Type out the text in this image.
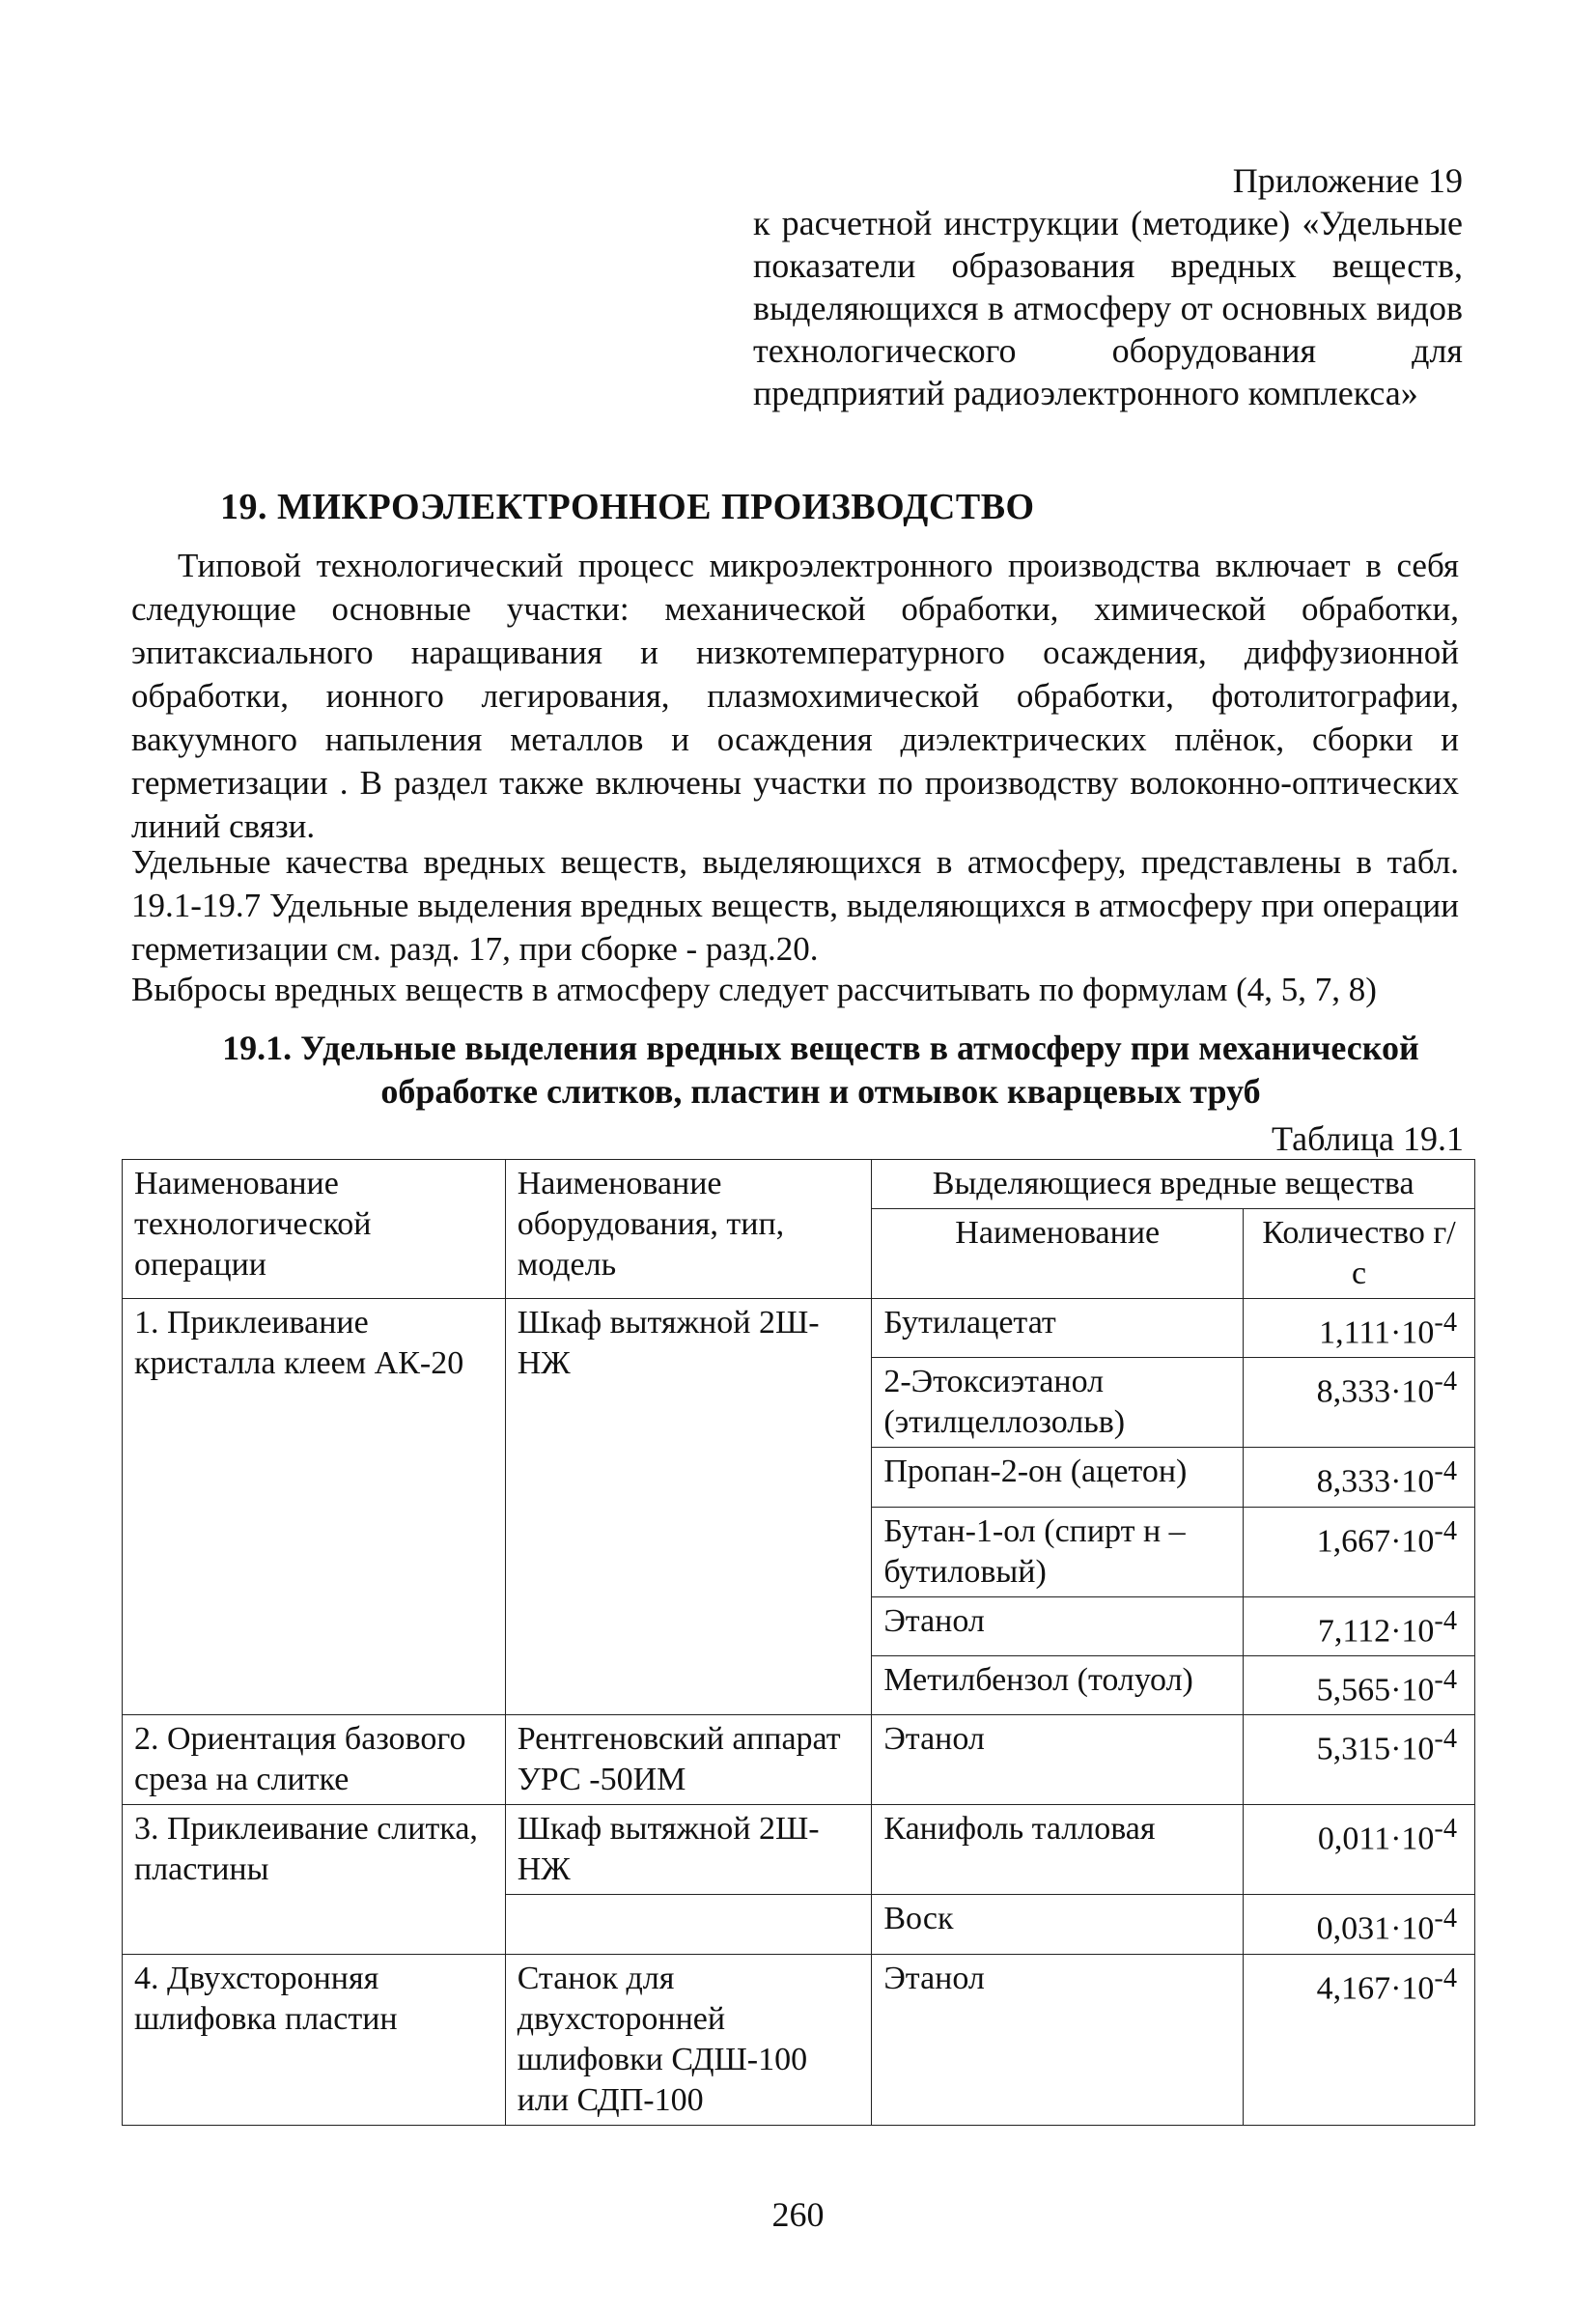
Приложение 19
к расчетной инструкции (методике) «Удельные показатели образования вредных веществ, выделяющихся в атмосферу от основных видов технологического оборудования для предприятий радиоэлектронного комплекса»
19. МИКРОЭЛЕКТРОННОЕ ПРОИЗВОДСТВО
Типовой технологический процесс микроэлектронного производства включает в себя следующие основные участки: механической обработки, химической обработки, эпитаксиального наращивания и низкотемпературного осаждения, диффузионной обработки, ионного легирования, плазмохимической обработки, фотолитографии, вакуумного напыления металлов и осаждения диэлектрических плёнок, сборки и герметизации . В раздел также включены участки по производству волоконно-оптических линий связи.
Удельные качества вредных веществ, выделяющихся в атмосферу, представлены в табл. 19.1-19.7 Удельные выделения вредных веществ, выделяющихся в атмосферу при операции герметизации см. разд. 17, при сборке - разд.20.
Выбросы вредных веществ в атмосферу следует рассчитывать по формулам (4, 5, 7, 8)
19.1. Удельные выделения вредных веществ в атмосферу при механической обработке слитков, пластин и отмывок кварцевых труб
Таблица 19.1
Наименование технологической операции	Наименование оборудования, тип, модель	Выделяющиеся вредные вещества	
		Наименование	Количество г/с
1. Приклеивание кристалла клеем АК-20	Шкаф вытяжной 2Ш-НЖ	Бутилацетат	$1,111\cdot 10^{-4}$
		2-Этоксиэтанол (этилцеллозольв)	$8,333\cdot 10^{-4}$
		Пропан-2-он (ацетон)	$8,333\cdot 10^{-4}$
		Бутан-1-ол (спирт н – бутиловый)	$1,667\cdot 10^{-4}$
		Этанол	$7,112\cdot 10^{-4}$
		Метилбензол (толуол)	$5,565\cdot 10^{-4}$
2. Ориентация базового среза на слитке	Рентгеновский аппарат УРС -50ИМ	Этанол	$5,315\cdot 10^{-4}$
3. Приклеивание слитка, пластины	Шкаф вытяжной 2Ш-НЖ	Канифоль талловая	$0,011\cdot 10^{-4}$
		Воск	$0,031\cdot 10^{-4}$
4. Двухсторонняя шлифовка пластин	Станок для двухсторонней шлифовки СДШ-100 или СДП-100	Этанол	$4,167\cdot 10^{-4}$
260
